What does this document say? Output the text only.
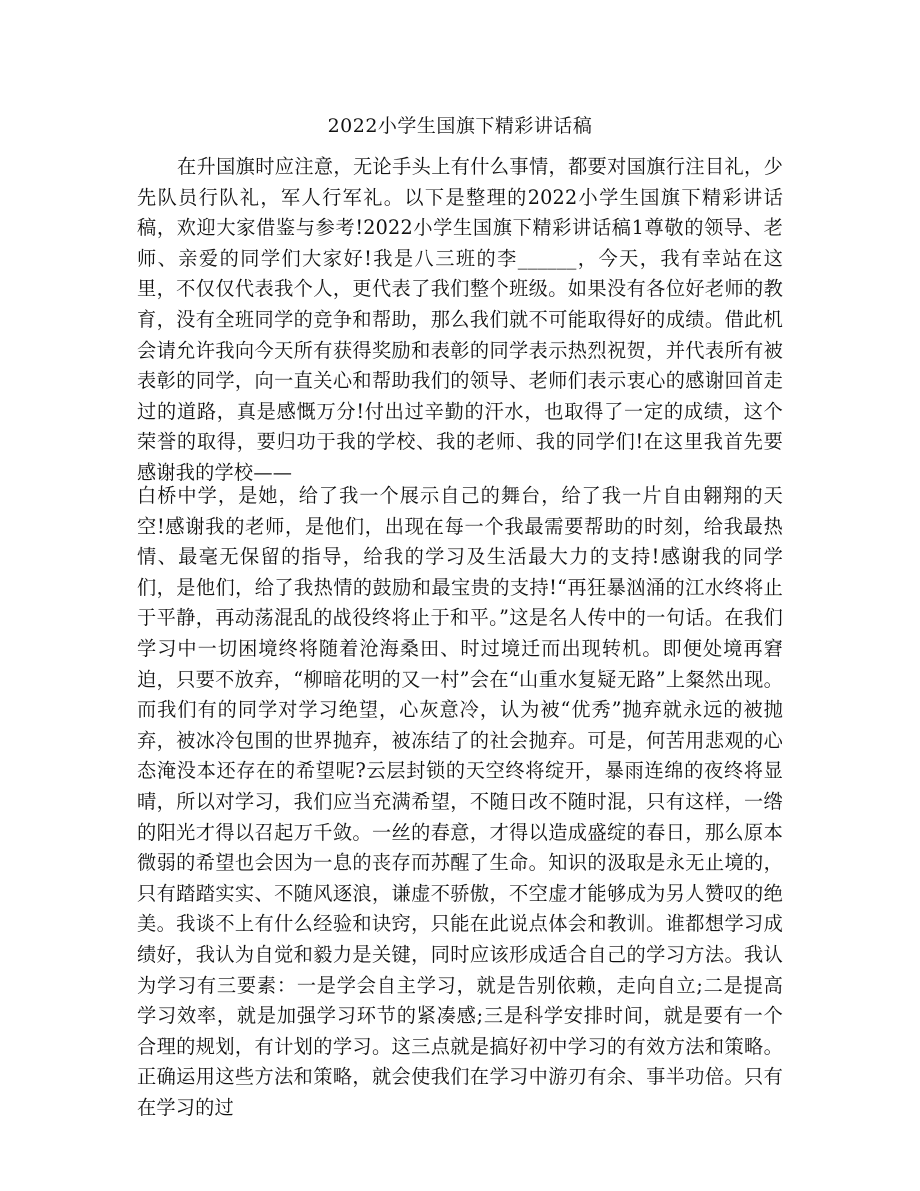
2022小学生国旗下精彩讲话稿
在升国旗时应注意，无论手头上有什么事情，都要对国旗行注目礼，少先队员行队礼，军人行军礼。以下是整理的2022小学生国旗下精彩讲话稿，欢迎大家借鉴与参考!2022小学生国旗下精彩讲话稿1尊敬的领导、老师、亲爱的同学们大家好!我是八三班的李______，今天，我有幸站在这里，不仅仅代表我个人，更代表了我们整个班级。如果没有各位好老师的教育，没有全班同学的竞争和帮助，那么我们就不可能取得好的成绩。借此机会请允许我向今天所有获得奖励和表彰的同学表示热烈祝贺，并代表所有被表彰的同学，向一直关心和帮助我们的领导、老师们表示衷心的感谢回首走过的道路，真是感慨万分!付出过辛勤的汗水，也取得了一定的成绩，这个荣誉的取得，要归功于我的学校、我的老师、我的同学们!在这里我首先要感谢我的学校——
白桥中学，是她，给了我一个展示自己的舞台，给了我一片自由翱翔的天空!感谢我的老师，是他们，出现在每一个我最需要帮助的时刻，给我最热情、最毫无保留的指导，给我的学习及生活最大力的支持!感谢我的同学们，是他们，给了我热情的鼓励和最宝贵的支持!“再狂暴汹涌的江水终将止于平静，再动荡混乱的战役终将止于和平。”这是名人传中的一句话。在我们学习中一切困境终将随着沧海桑田、时过境迁而出现转机。即便处境再窘迫，只要不放弃，“柳暗花明的又一村”会在“山重水复疑无路”上粲然出现。而我们有的同学对学习绝望，心灰意冷，认为被“优秀”抛弃就永远的被抛弃，被冰冷包围的世界抛弃，被冻结了的社会抛弃。可是，何苦用悲观的心态淹没本还存在的希望呢?云层封锁的天空终将绽开，暴雨连绵的夜终将显晴，所以对学习，我们应当充满希望，不随日改不随时混，只有这样，一绺的阳光才得以召起万千敛。一丝的春意，才得以造成盛绽的春日，那么原本微弱的希望也会因为一息的丧存而苏醒了生命。知识的汲取是永无止境的，只有踏踏实实、不随风逐浪，谦虚不骄傲，不空虚才能够成为另人赞叹的绝美。我谈不上有什么经验和诀窍，只能在此说点体会和教训。谁都想学习成绩好，我认为自觉和毅力是关键，同时应该形成适合自己的学习方法。我认为学习有三要素：一是学会自主学习，就是告别依赖，走向自立;二是提高学习效率，就是加强学习环节的紧凑感;三是科学安排时间，就是要有一个合理的规划，有计划的学习。这三点就是搞好初中学习的有效方法和策略。正确运用这些方法和策略，就会使我们在学习中游刃有余、事半功倍。只有在学习的过
